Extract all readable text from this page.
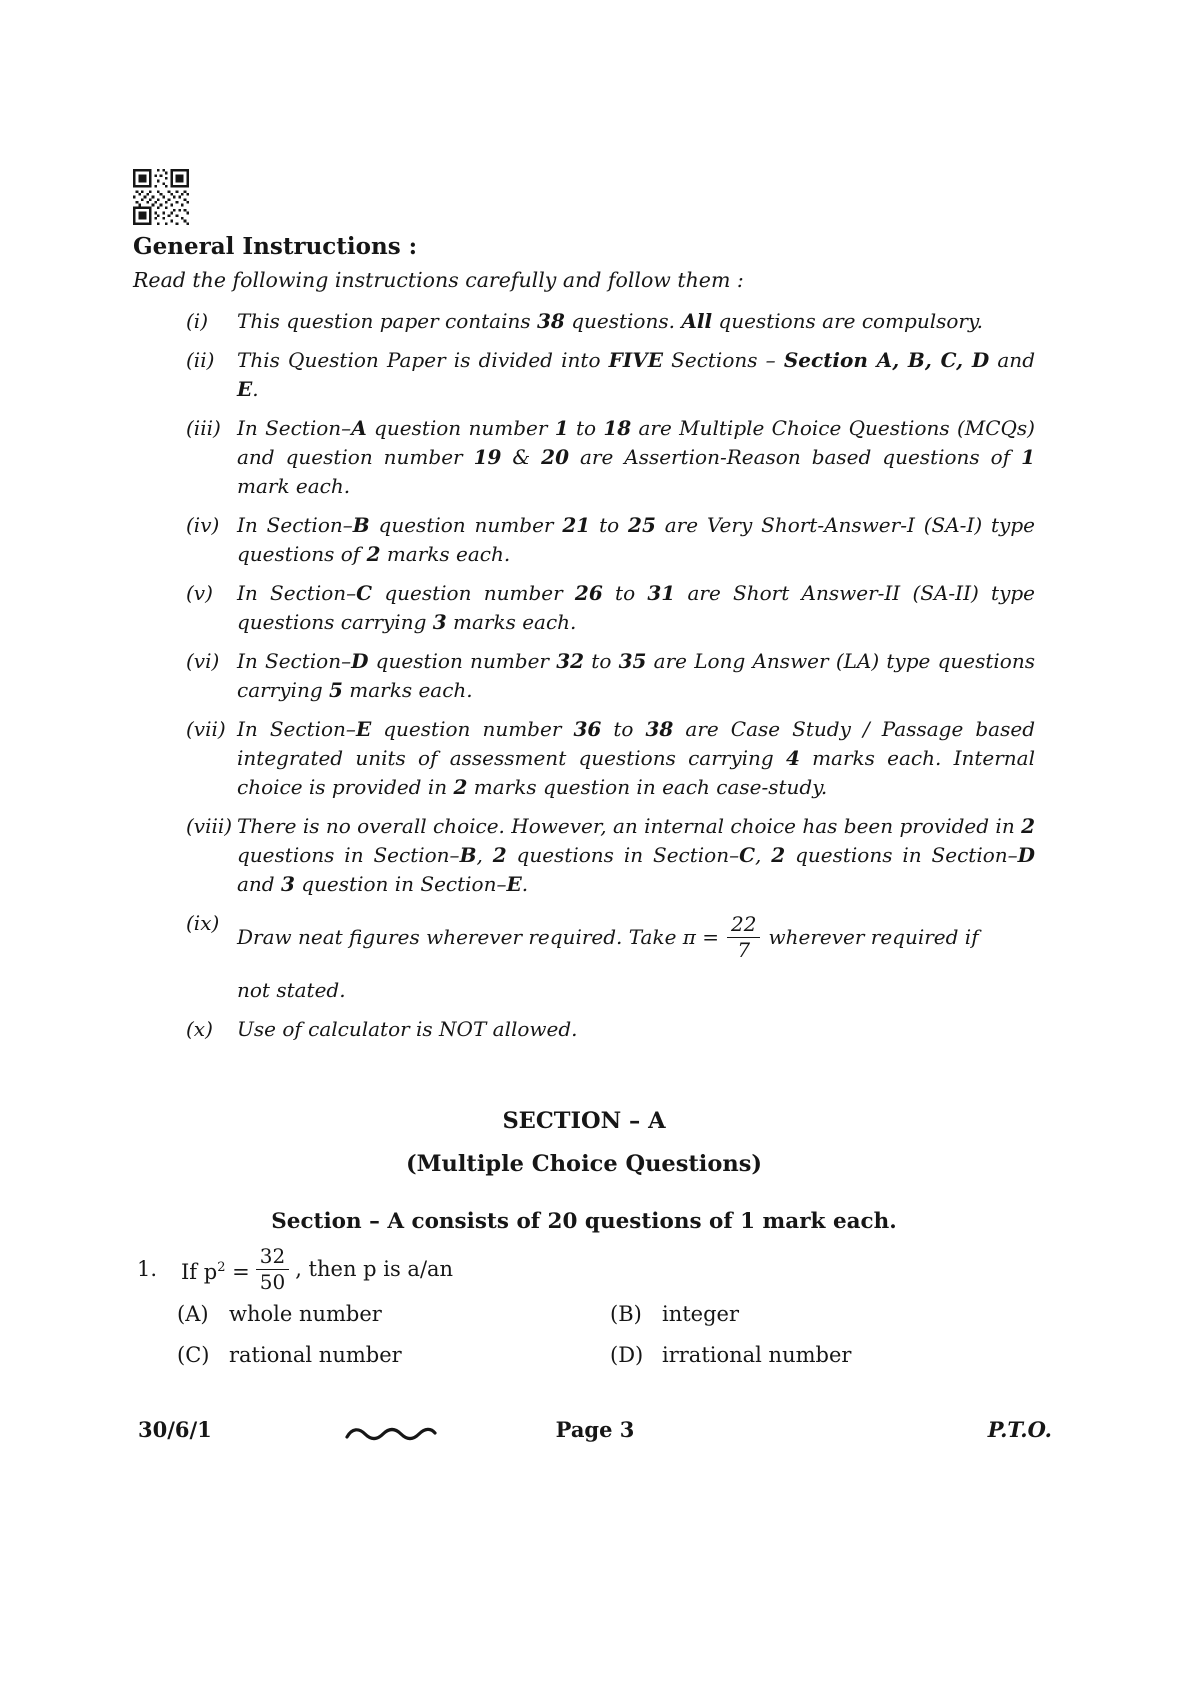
General Instructions :
Read the following instructions carefully and follow them :
(i)	This question paper contains 38 questions. All questions are compulsory.
(ii)	This Question Paper is divided into FIVE Sections – Section A, B, C, D and E.
(iii) In Section–A question number 1 to 18 are Multiple Choice Questions (MCQs) and question number 19 & 20 are Assertion-Reason based questions of 1 mark each.
(iv) In Section–B question number 21 to 25 are Very Short-Answer-I (SA-I) type questions of 2 marks each.
(v)	In Section–C question number 26 to 31 are Short Answer-II (SA-II) type questions carrying 3 marks each.
(vi) In Section–D question number 32 to 35 are Long Answer (LA) type questions carrying 5 marks each.
(vii) In Section–E question number 36 to 38 are Case Study / Passage based integrated units of assessment questions carrying 4 marks each. Internal choice is provided in 2 marks question in each case-study.
(viii) There is no overall choice. However, an internal choice has been provided in 2 questions in Section–B, 2 questions in Section–C, 2 questions in Section–D and 3 question in Section–E.
(ix)
Draw neat figures wherever required. Take $\pi = \frac{22}{7}$ wherever required if
not stated.
(x)	Use of calculator is NOT allowed.
SECTION – A
(Multiple Choice Questions)
Section – A consists of 20 questions of 1 mark each.
1.	If $p^2 = \frac{32}{50}$ , then p is a/an
(A) whole number	(B) integer
(C) rational number	(D) irrational number
30/6/1	Page 3	P.T.O.
